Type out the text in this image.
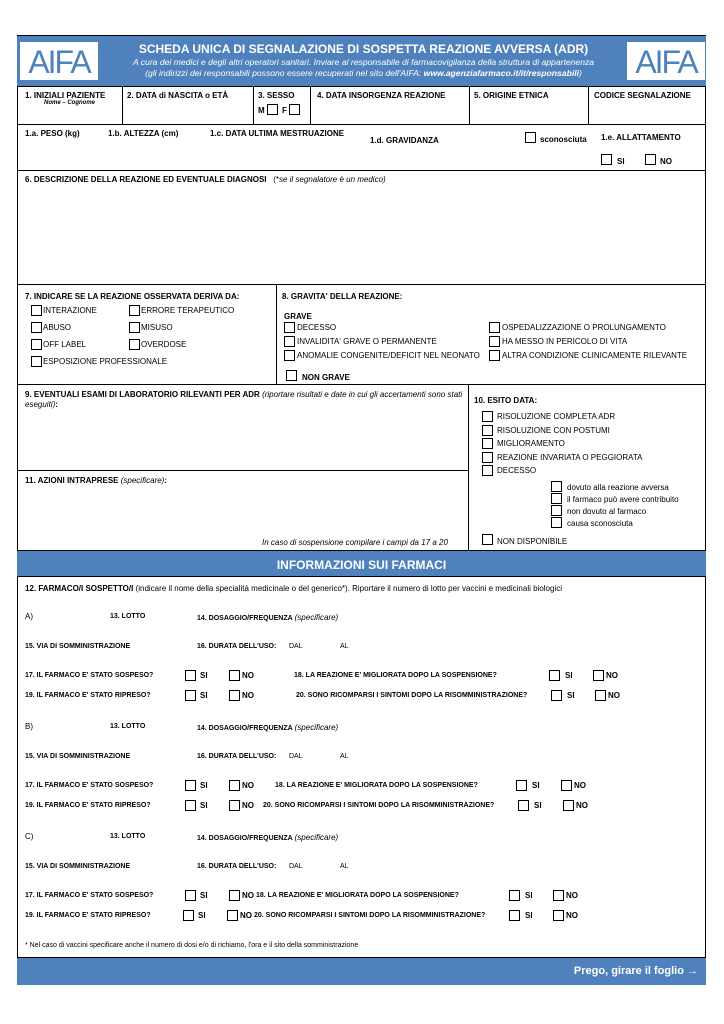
AIFA	AIFA
SCHEDA UNICA DI SEGNALAZIONE DI SOSPETTA REAZIONE AVVERSA (ADR)
A cura dei medici e degli altri operatori sanitari. Inviare al responsabile di farmacovigilanza della struttura di appartenenza
(gli indirizzi dei responsabili possono essere recuperati nel sito dell'AIFA: www.agenziafarmaco.it/it/responsabili)
1. INIZIALI PAZIENTE
Nome – Cognome
2. DATA di NASCITA o ETÀ	3. SESSO
M F
4. DATA INSORGENZA REAZIONE	5. ORIGINE ETNICA	CODICE SEGNALAZIONE
1.a. PESO (kg)	1.b. ALTEZZA (cm)	1.c. DATA ULTIMA MESTRUAZIONE
1.d. GRAVIDANZA	sconosciuta 1.e. ALLATTAMENTO
SI	NO
6. DESCRIZIONE DELLA REAZIONE ED EVENTUALE DIAGNOSI (*se il segnalatore è un medico)
7. INDICARE SE LA REAZIONE OSSERVATA DERIVA DA:	8. GRAVITA' DELLA REAZIONE:
GRAVE
NON GRAVE
9. EVENTUALI ESAMI DI LABORATORIO RILEVANTI PER ADR (riportare risultati e date in cui gli accertamenti sono stati eseguiti):
11. AZIONI INTRAPRESE (specificare):
In caso di sospensione compilare i campi da 17 a 20
10. ESITO DATA:
NON DISPONIBILE
INFORMAZIONI SUI FARMACI
12. FARMACO/I SOSPETTO/I (indicare il nome della specialità medicinale o del generico*). Riportare il numero di lotto per vaccini e medicinali biologici
* Nel caso di vaccini specificare anche il numero di dosi e/o di richiamo, l'ora e il sito della somministrazione
Prego, girare il foglio →
INTERAZIONE	ERRORE TERAPEUTICO
ABUSO	MISUSO
OFF LABEL	OVERDOSE
ESPOSIZIONE PROFESSIONALE
DECESSO
INVALIDITA' GRAVE O PERMANENTE
ANOMALIE CONGENITE/DEFICIT NEL NEONATO
OSPEDALIZZAZIONE O PROLUNGAMENTO
HA MESSO IN PERICOLO DI VITA
ALTRA CONDIZIONE CLINICAMENTE RILEVANTE
RISOLUZIONE COMPLETA ADR
RISOLUZIONE CON POSTUMI
MIGLIORAMENTO
REAZIONE INVARIATA O PEGGIORATA
DECESSO
dovuto alla reazione avversa
il farmaco può avere contribuito
non dovuto al farmaco
causa sconosciuta
A)	13. LOTTO	14. DOSAGGIO/FREQUENZA (specificare)
15. VIA DI SOMMINISTRAZIONE	16. DURATA DELL'USO: DAL	AL
17. IL FARMACO E' STATO SOSPESO?	SI	NO	18. LA REAZIONE E' MIGLIORATA DOPO LA SOSPENSIONE?	SI	NO
19. IL FARMACO E' STATO RIPRESO?	SI	NO	20. SONO RICOMPARSI I SINTOMI DOPO LA RISOMMINISTRAZIONE?	SI	NO
B)	13. LOTTO	14. DOSAGGIO/FREQUENZA (specificare)
15. VIA DI SOMMINISTRAZIONE	16. DURATA DELL'USO: DAL	AL
17. IL FARMACO E' STATO SOSPESO?	SI	NO	18. LA REAZIONE E' MIGLIORATA DOPO LA SOSPENSIONE?	SI	NO
19. IL FARMACO E' STATO RIPRESO?	SI	NO 20. SONO RICOMPARSI I SINTOMI DOPO LA RISOMMINISTRAZIONE?	SI	NO
C)	13. LOTTO	14. DOSAGGIO/FREQUENZA (specificare)
15. VIA DI SOMMINISTRAZIONE	16. DURATA DELL'USO: DAL	AL
17. IL FARMACO E' STATO SOSPESO?	SI	NO 18. LA REAZIONE E' MIGLIORATA DOPO LA SOSPENSIONE?	SI	NO
19. IL FARMACO E' STATO RIPRESO?	SI	NO 20. SONO RICOMPARSI I SINTOMI DOPO LA RISOMMINISTRAZIONE?	SI	NO
